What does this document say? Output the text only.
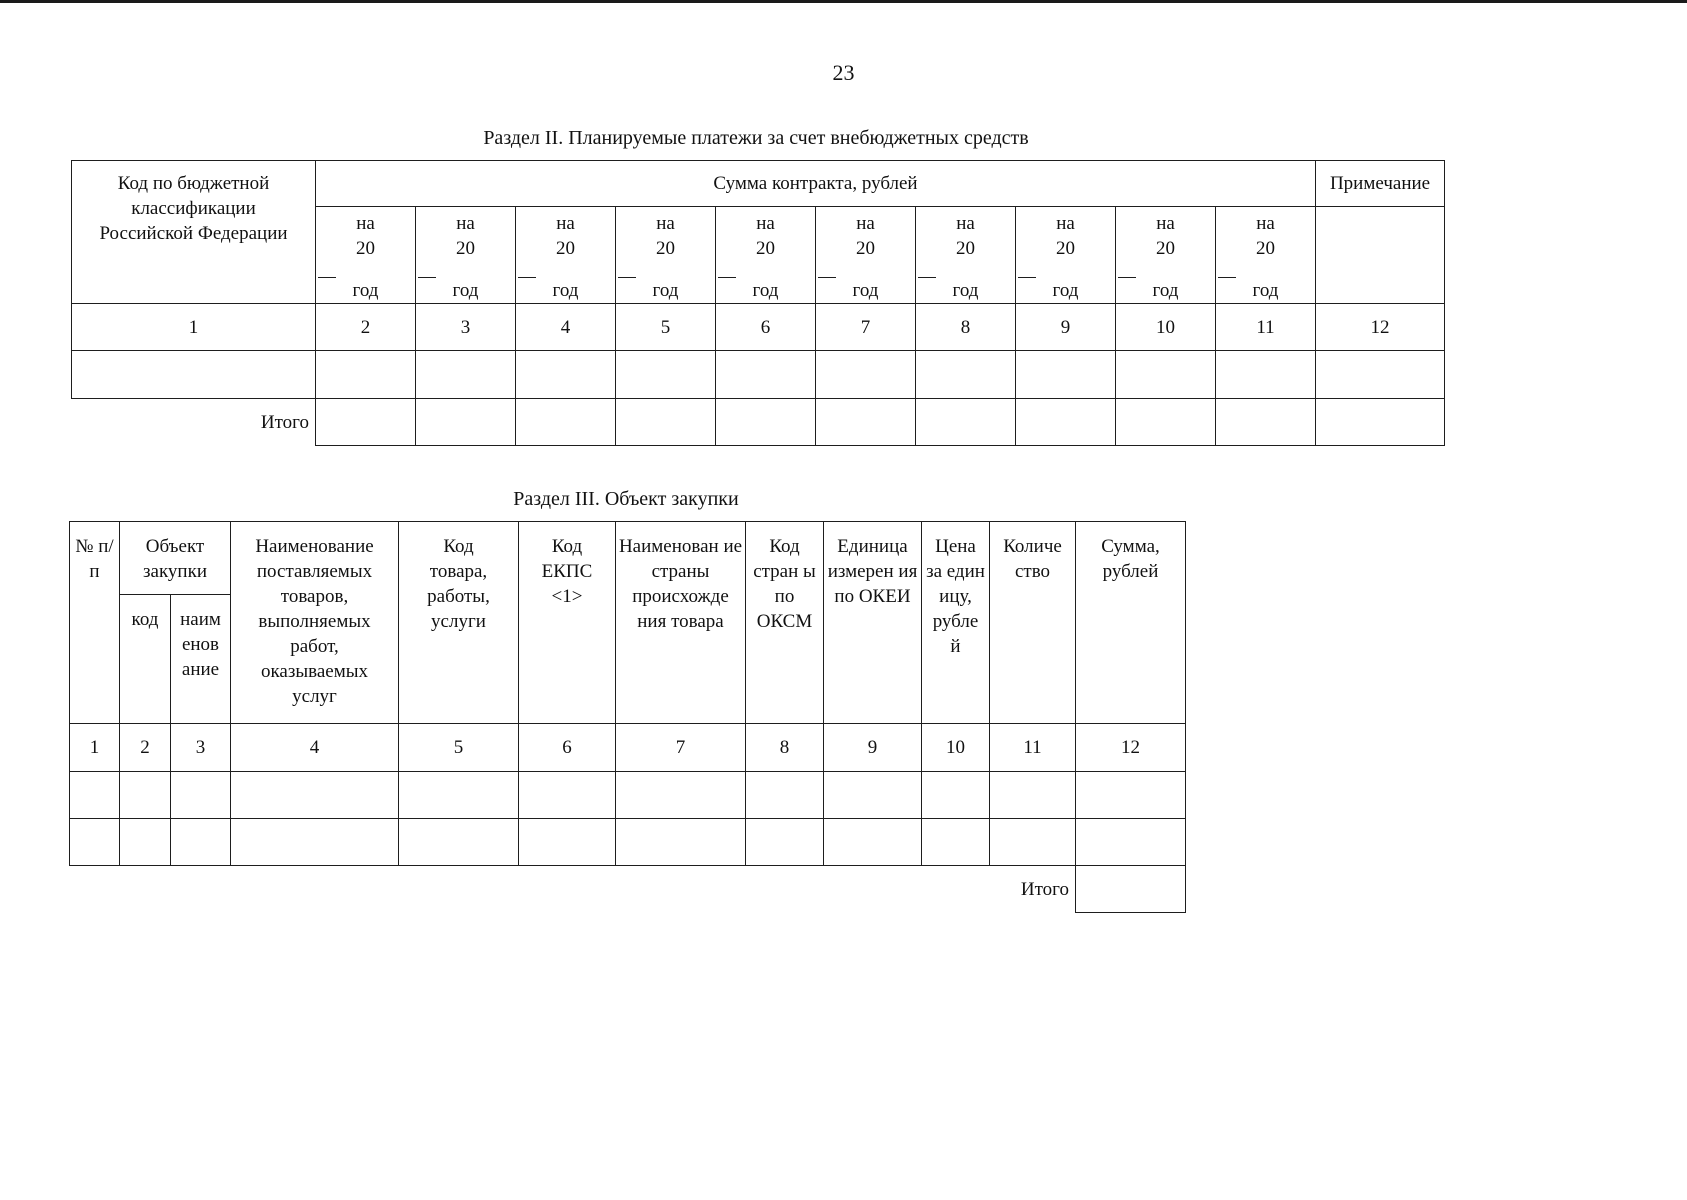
23
Раздел II. Планируемые платежи за счет внебюджетных средств
Код по бюджетной классификации Российской Федерации	Сумма контракта, рублей										Примечание

	на
20
год	на
20
год	на
20
год	на
20
год	на
20
год	на
20
год	на
20
год	на
20
год	на
20
год	на
20
год	

1	2	3	4	5	6	7	8	9	10	11	12

Итого											
Раздел III. Объект закупки
№ п/п	Объект закупки		Наименование поставляемых товаров, выполняемых работ, оказываемых услуг	Код товара, работы, услуги	Код ЕКПС <1>	Наименован ие страны происхожде ния товара	Код стран ы по ОКСМ	Единица измерен ия по ОКЕИ	Цена за един ицу, рубле й	Количе ство	Сумма, рублей
	код	наим енов ание									
1	2	3	4	5	6	7	8	9	10	11	12

Итого											
